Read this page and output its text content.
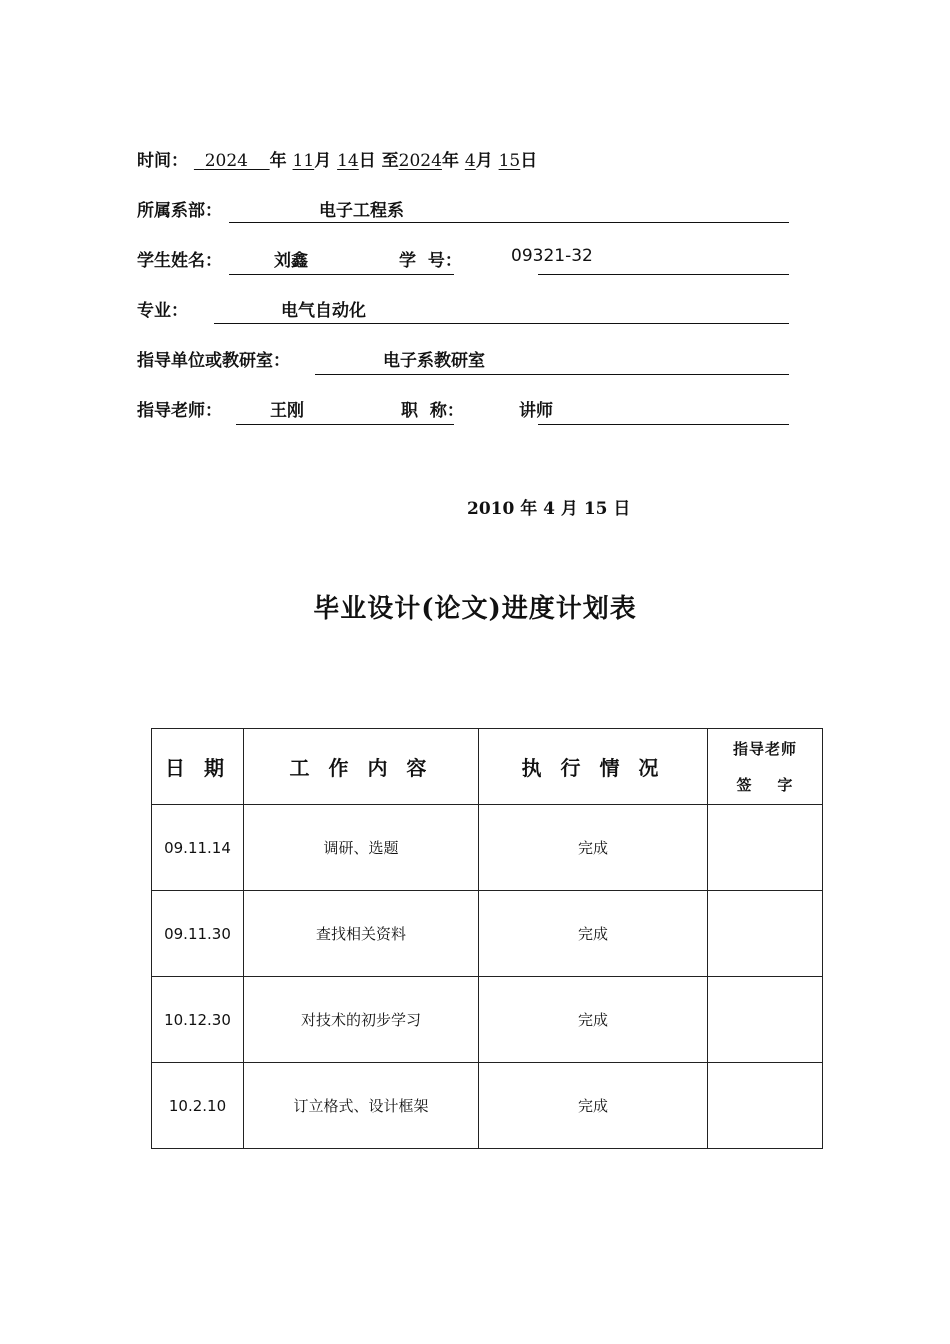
时间： 2024 年 11月 14日 至2024年 4月 15日
所属系部：	电子工程系
学生姓名：	刘鑫	学  号：	09321-32
专业：	电气自动化
指导单位或教研室：	电子系教研室
指导老师：	王刚	职  称：	讲师
2010 年 4 月 15 日
毕业设计(论文)进度计划表
日 期	工 作 内 容	执 行 情 况	指导老师
签    字

09.11.14	调研、选题	完成	
09.11.30	查找相关资料	完成	
10.12.30	对技术的初步学习	完成	
10.2.10	订立格式、设计框架	完成	
